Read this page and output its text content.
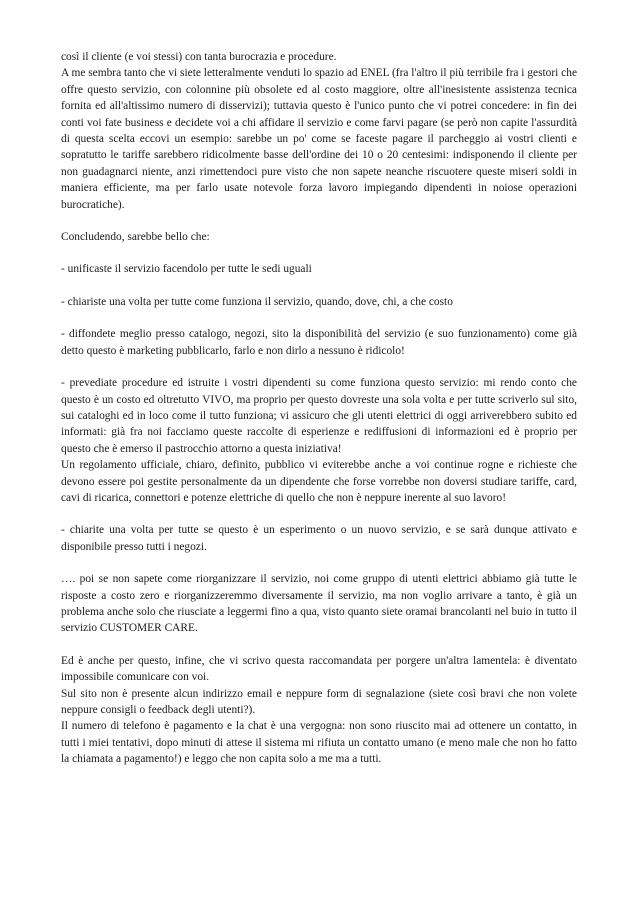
così il cliente (e voi stessi) con tanta burocrazia e procedure.

A me sembra tanto che vi siete letteralmente venduti lo spazio ad ENEL (fra l'altro il più terribile fra i gestori che offre questo servizio, con colonnine più obsolete ed al costo maggiore, oltre all'inesistente assistenza tecnica fornita ed all'altissimo numero di disservizi); tuttavia questo è l'unico punto che vi potrei concedere: in fin dei conti voi fate business e decidete voi a chi affidare il servizio e come farvi pagare (se però non capite l'assurdità di questa scelta eccovi un esempio: sarebbe un po' come se faceste pagare il parcheggio ai vostri clienti e sopratutto le tariffe sarebbero ridicolmente basse dell'ordine dei 10 o 20 centesimi: indisponendo il cliente per non guadagnarci niente, anzi rimettendoci pure visto che non sapete neanche riscuotere queste miseri soldi in maniera efficiente, ma per farlo usate notevole forza lavoro impiegando dipendenti in noiose operazioni burocratiche).

Concludendo, sarebbe bello che:

- unificaste il servizio facendolo per tutte le sedi uguali

- chiariste una volta per tutte come funziona il servizio, quando, dove, chi, a che costo

- diffondete meglio presso catalogo, negozi, sito la disponibilità del servizio (e suo funzionamento) come già detto questo è marketing pubblicarlo, farlo e non dirlo a nessuno è ridicolo!

- prevediate procedure ed istruite i vostri dipendenti su come funziona questo servizio: mi rendo conto che questo è un costo ed oltretutto VIVO, ma proprio per questo dovreste una sola volta e per tutte scriverlo sul sito, sui cataloghi ed in loco come il tutto funziona; vi assicuro che gli utenti elettrici di oggi arriverebbero subito ed informati: già fra noi facciamo queste raccolte di esperienze e rediffusioni di informazioni ed è proprio per questo che è emerso il pastrocchio attorno a questa iniziativa!

Un regolamento ufficiale, chiaro, definito, pubblico vi eviterebbe anche a voi continue rogne e richieste che devono essere poi gestite personalmente da un dipendente che forse vorrebbe non doversi studiare tariffe, card, cavi di ricarica, connettori e potenze elettriche di quello che non è neppure inerente al suo lavoro!

- chiarite una volta per tutte se questo è un esperimento o un nuovo servizio, e se sarà dunque attivato e disponibile presso tutti i negozi.

…. poi se non sapete come riorganizzare il servizio, noi come gruppo di utenti elettrici abbiamo già tutte le risposte a costo zero e riorganizzeremmo diversamente il servizio, ma non voglio arrivare a tanto, è già un problema anche solo che riusciate a leggermi fino a qua, visto quanto siete oramai brancolanti nel buio in tutto il servizio CUSTOMER CARE.

Ed è anche per questo, infine, che vi scrivo questa raccomandata per porgere un'altra lamentela: è diventato impossibile comunicare con voi.

Sul sito non è presente alcun indirizzo email e neppure form di segnalazione (siete così bravi che non volete neppure consigli o feedback degli utenti?).

Il numero di telefono è pagamento e la chat è una vergogna: non sono riuscito mai ad ottenere un contatto, in tutti i miei tentativi, dopo minuti di attese il sistema mi rifiuta un contatto umano (e meno male che non ho fatto la chiamata a pagamento!) e leggo che non capita solo a me ma a tutti.
